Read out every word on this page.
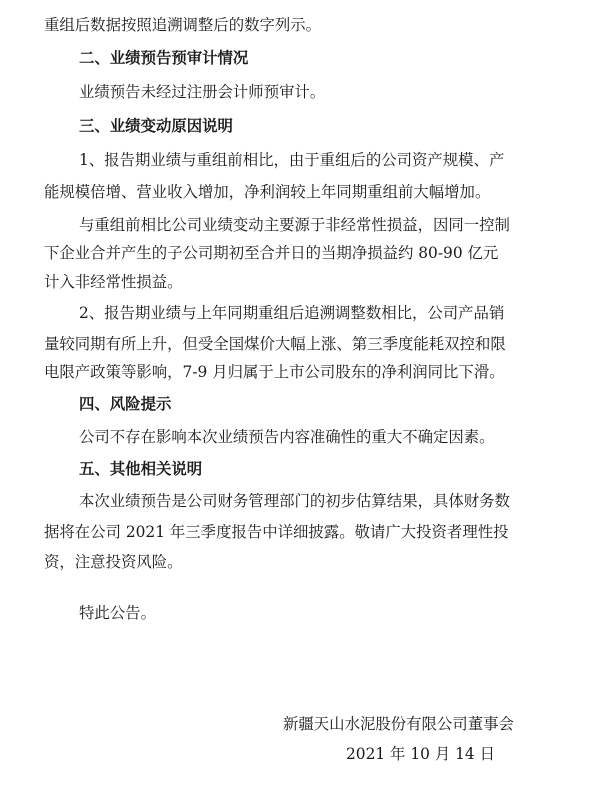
重组后数据按照追溯调整后的数字列示。
二、业绩预告预审计情况
业绩预告未经过注册会计师预审计。
三、业绩变动原因说明
1、报告期业绩与重组前相比，由于重组后的公司资产规模、产
能规模倍增、营业收入增加，净利润较上年同期重组前大幅增加。
与重组前相比公司业绩变动主要源于非经常性损益，因同一控制
下企业合并产生的子公司期初至合并日的当期净损益约 80-90 亿元
计入非经常性损益。
2、报告期业绩与上年同期重组后追溯调整数相比，公司产品销
量较同期有所上升，但受全国煤价大幅上涨、第三季度能耗双控和限
电限产政策等影响，7-9 月归属于上市公司股东的净利润同比下滑。
四、风险提示
公司不存在影响本次业绩预告内容准确性的重大不确定因素。
五、其他相关说明
本次业绩预告是公司财务管理部门的初步估算结果，具体财务数
据将在公司 2021 年三季度报告中详细披露。敬请广大投资者理性投
资，注意投资风险。
特此公告。
新疆天山水泥股份有限公司董事会
2021 年 10 月 14 日
